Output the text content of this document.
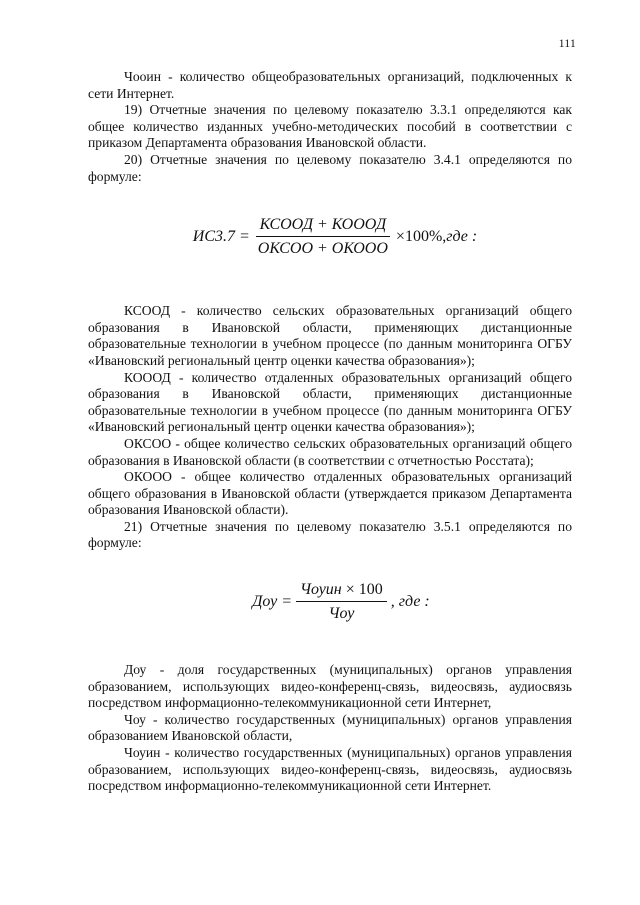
111

Чооин - количество общеобразовательных организаций, подключенных к сети Интернет.

19) Отчетные значения по целевому показателю 3.3.1 определяются как общее количество изданных учебно-методических пособий в соответствии с приказом Департамента образования Ивановской области.

20) Отчетные значения по целевому показателю 3.4.1 определяются по формуле:

$ИС3.7 = \frac{\text{КСООД + КОООД}}{\text{ОКСОО + ОКООО}} \times 100\%$, где :

КСООД - количество сельских образовательных организаций общего образования в Ивановской области, применяющих дистанционные образовательные технологии в учебном процессе (по данным мониторинга ОГБУ «Ивановский региональный центр оценки качества образования»);

КОООД - количество отдаленных образовательных организаций общего образования в Ивановской области, применяющих дистанционные образовательные технологии в учебном процессе (по данным мониторинга ОГБУ «Ивановский региональный центр оценки качества образования»);

ОКСОО - общее количество сельских образовательных организаций общего образования в Ивановской области (в соответствии с отчетностью Росстата);

ОКООО - общее количество отдаленных образовательных организаций общего образования в Ивановской области (утверждается приказом Департамента образования Ивановской области).

21) Отчетные значения по целевому показателю 3.5.1 определяются по формуле:

Доу = $\frac{\text{Чоуин × 100}}{\text{Чоу}}$ , где :

Доу - доля государственных (муниципальных) органов управления образованием, использующих видео-конференц-связь, видеосвязь, аудиосвязь посредством информационно-телекоммуникационной сети Интернет,

Чоу - количество государственных (муниципальных) органов управления образованием Ивановской области,

Чоуин - количество государственных (муниципальных) органов управления образованием, использующих видео-конференц-связь, видеосвязь, аудиосвязь посредством информационно-телекоммуникационной сети Интернет.
